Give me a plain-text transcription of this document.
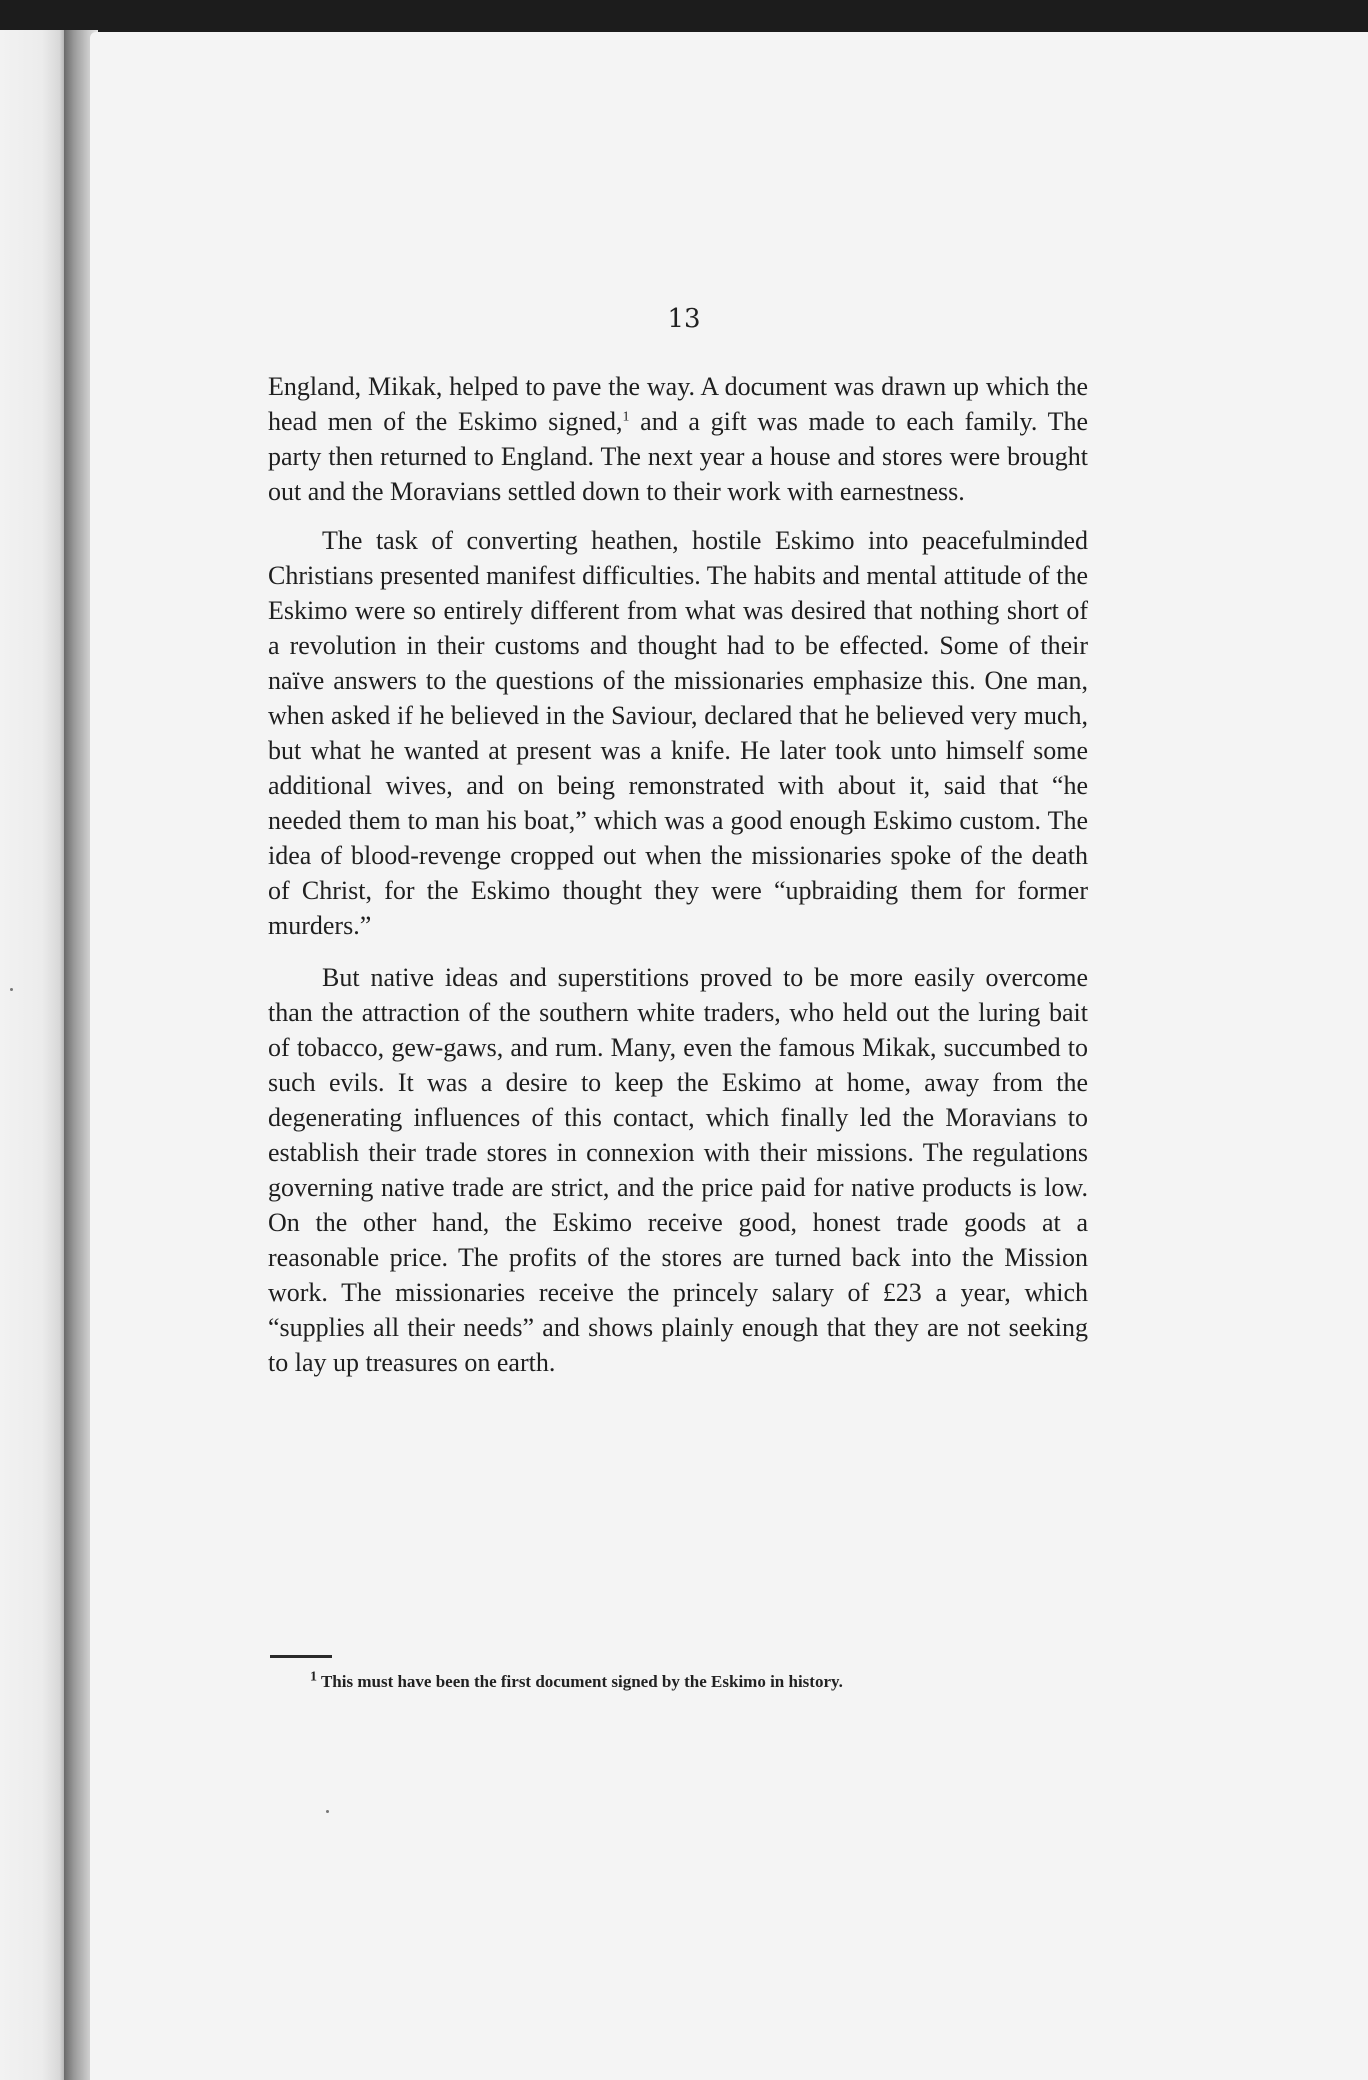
13

England, Mikak, helped to pave the way. A document was drawn up which the head men of the Eskimo signed,$^1$ and a gift was made to each family. The party then returned to England. The next year a house and stores were brought out and the Moravians settled down to their work with earnestness.

The task of converting heathen, hostile Eskimo into peacefulminded Christians presented manifest difficulties. The habits and mental attitude of the Eskimo were so entirely different from what was desired that nothing short of a revolution in their customs and thought had to be effected. Some of their naïve answers to the questions of the missionaries emphasize this. One man, when asked if he believed in the Saviour, declared that he believed very much, but what he wanted at present was a knife. He later took unto himself some additional wives, and on being remonstrated with about it, said that “he needed them to man his boat,” which was a good enough Eskimo custom. The idea of blood-revenge cropped out when the missionaries spoke of the death of Christ, for the Eskimo thought they were “upbraiding them for former murders.”

But native ideas and superstitions proved to be more easily overcome than the attraction of the southern white traders, who held out the luring bait of tobacco, gew-gaws, and rum. Many, even the famous Mikak, succumbed to such evils. It was a desire to keep the Eskimo at home, away from the degenerating influences of this contact, which finally led the Moravians to establish their trade stores in connexion with their missions. The regulations governing native trade are strict, and the price paid for native products is low. On the other hand, the Eskimo receive good, honest trade goods at a reasonable price. The profits of the stores are turned back into the Mission work. The missionaries receive the princely salary of £23 a year, which “supplies all their needs” and shows plainly enough that they are not seeking to lay up treasures on earth.

$^1$ This must have been the first document signed by the Eskimo in history.
